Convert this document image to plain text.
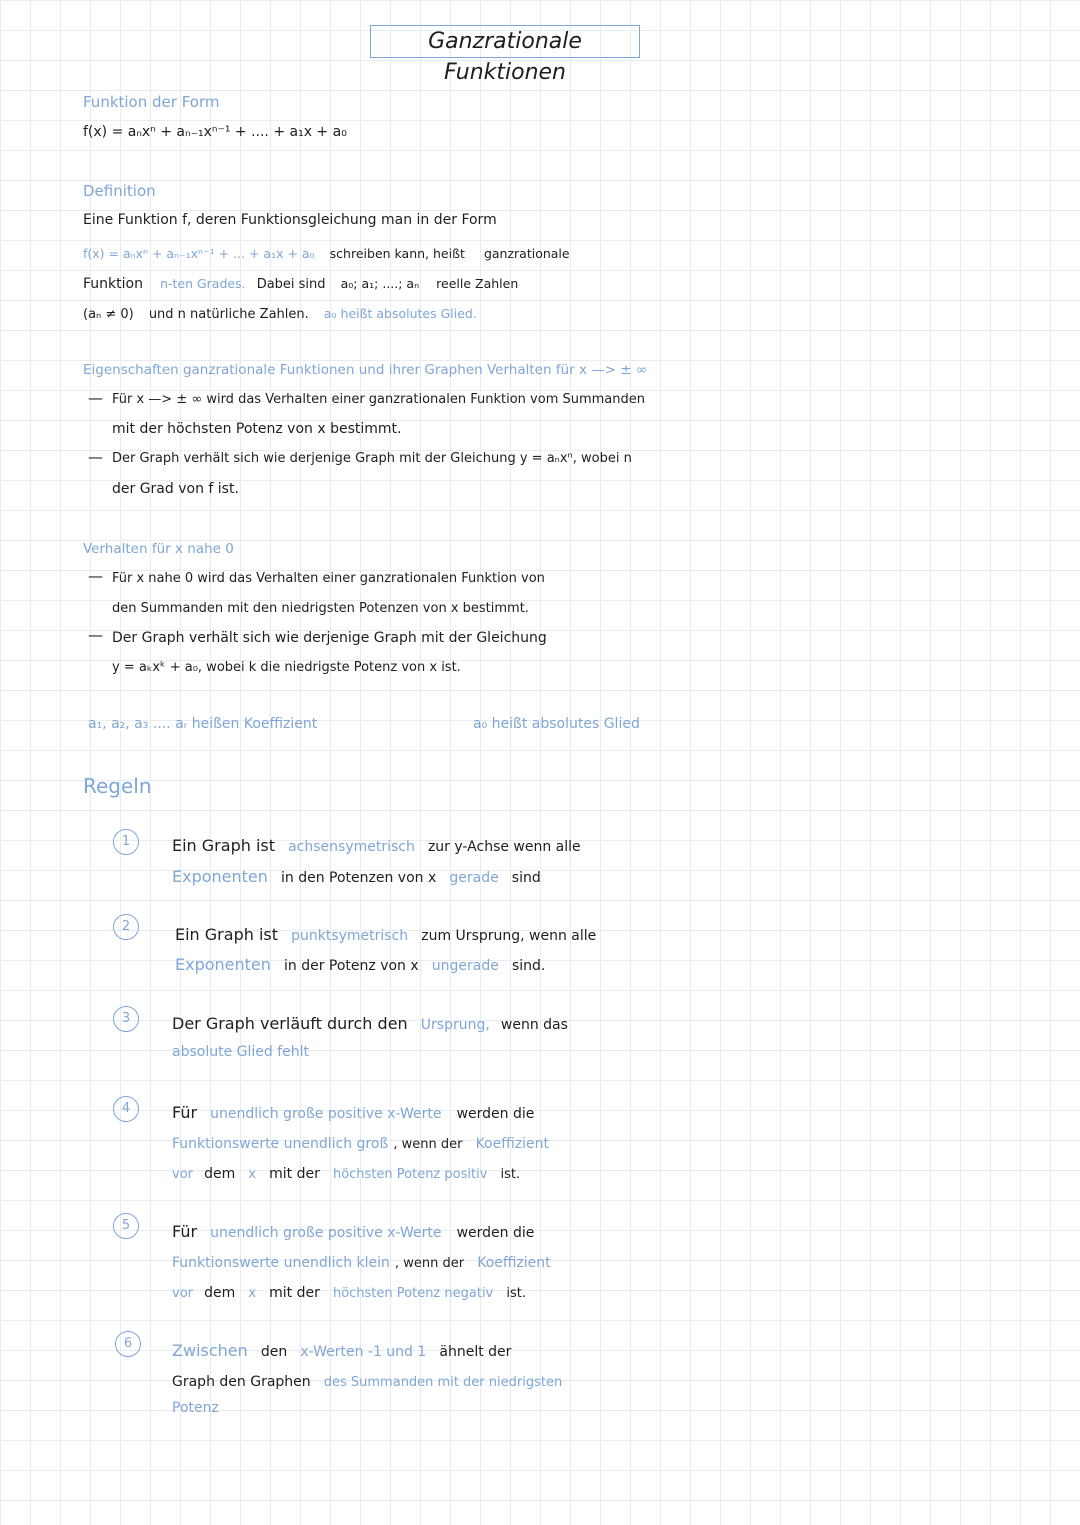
Ganzrationale Funktionen
Funktion der Form
f(x) = aₙxⁿ + aₙ₋₁xⁿ⁻¹ + .... + a₁x + a₀
Definition
Eine Funktion f, deren Funktionsgleichung man in der Form
f(x) = aₙxⁿ + aₙ₋₁xⁿ⁻¹ + ... + a₁x + a₀ schreiben kann, heißt ganzrationale
Funktion n-ten Grades. Dabei sind a₀; a₁; ....; aₙ reelle Zahlen
(aₙ ≠ 0) und n natürliche Zahlen. a₀ heißt absolutes Glied.
Eigenschaften ganzrationale Funktionen und ihrer Graphen Verhalten für x —> ± ∞
— Für x —> ± ∞ wird das Verhalten einer ganzrationalen Funktion vom Summanden
mit der höchsten Potenz von x bestimmt.
— Der Graph verhält sich wie derjenige Graph mit der Gleichung y = aₙxⁿ, wobei n
der Grad von f ist.
Verhalten für x nahe 0
— Für x nahe 0 wird das Verhalten einer ganzrationalen Funktion von
den Summanden mit den niedrigsten Potenzen von x bestimmt.
— Der Graph verhält sich wie derjenige Graph mit der Gleichung
y = aₖxᵏ + a₀, wobei k die niedrigste Potenz von x ist.
a₁, a₂, a₃ .... aᵣ heißen Koeffizient	a₀ heißt absolutes Glied
Regeln
1	Ein Graph ist achsensymetrisch zur y-Achse wenn alle
Exponenten in den Potenzen von x gerade sind
2	Ein Graph ist punktsymetrisch zum Ursprung, wenn alle
Exponenten in der Potenz von x ungerade sind.
3	Der Graph verläuft durch den Ursprung, wenn das
absolute Glied fehlt
4	Für unendlich große positive x-Werte werden die
Funktionswerte unendlich groß , wenn der Koeffizient
vor dem x mit der höchsten Potenz positiv ist.
5	Für unendlich große positive x-Werte werden die
Funktionswerte unendlich klein , wenn der Koeffizient
vor dem x mit der höchsten Potenz negativ ist.
6	Zwischen den x-Werten -1 und 1 ähnelt der
Graph den Graphen des Summanden mit der niedrigsten
Potenz
